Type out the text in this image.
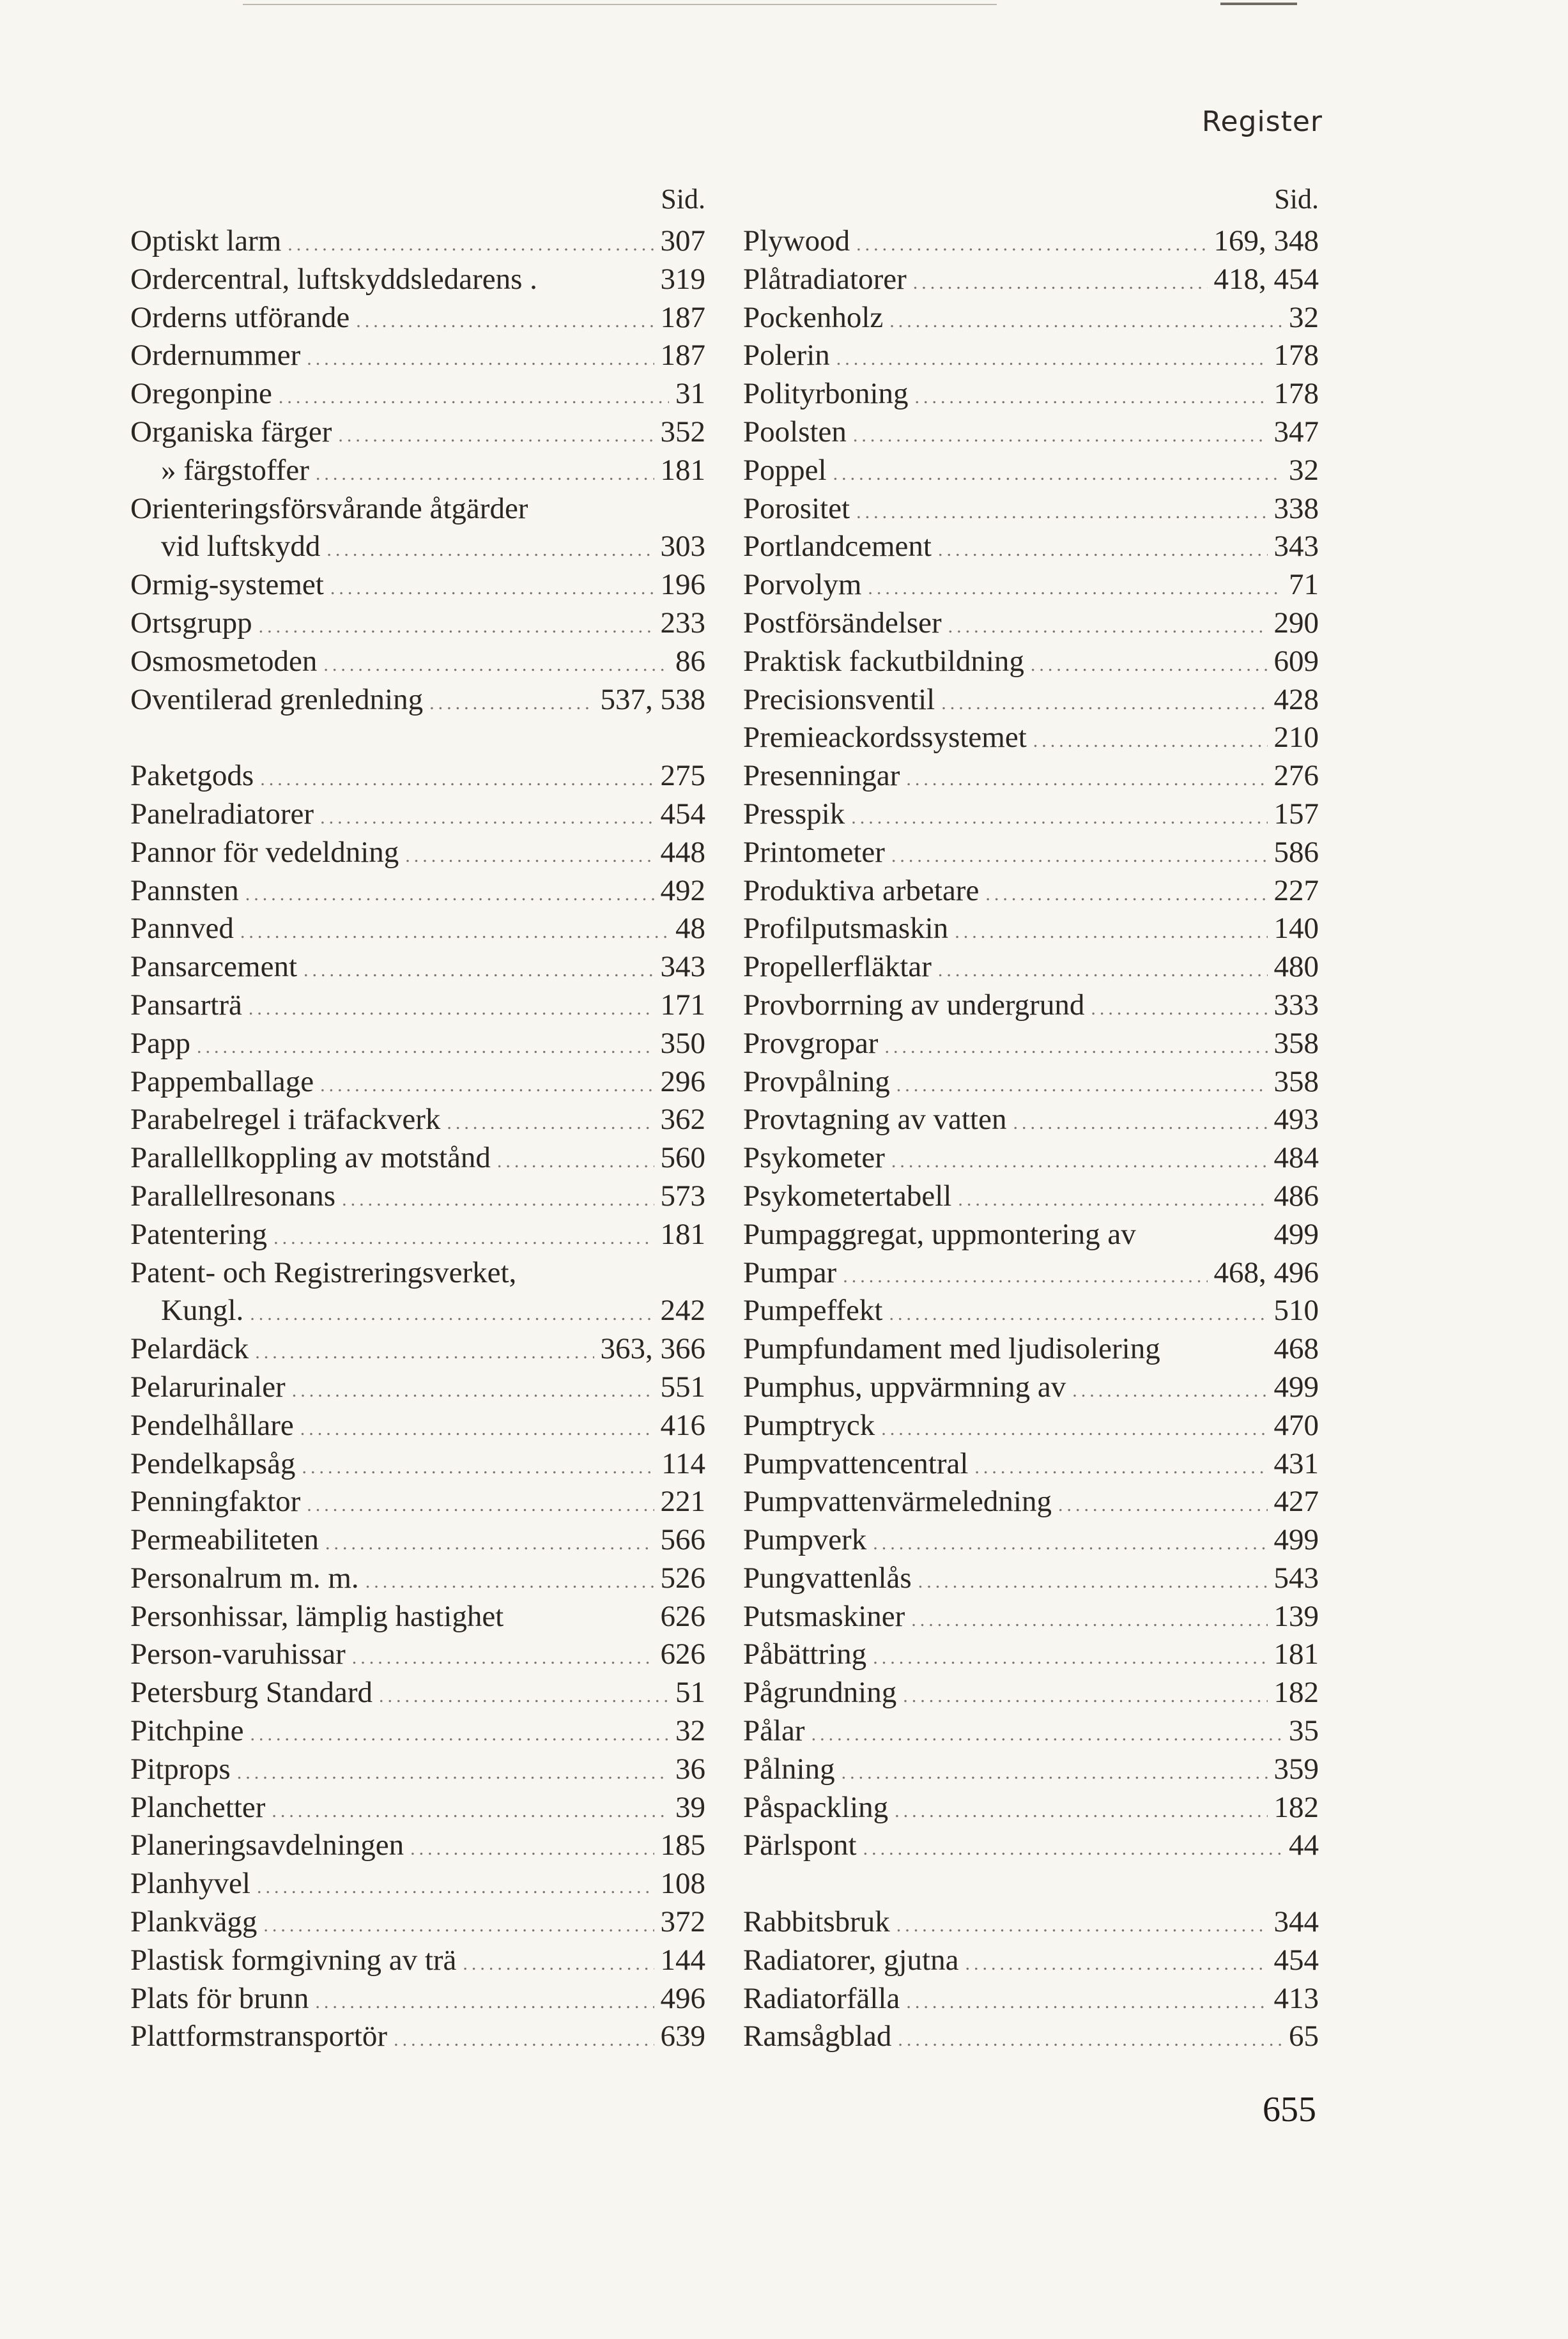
Register
Sid.
Optiskt larm .....	307
Ordercentral, luftskyddsledarens .	319
Orderns utförande .....	187
Ordernummer .....	187
Oregonpine .....	31
Organiska färger .....	352
» färgstoffer .....	181
Orienteringsförsvårande åtgärder
vid luftskydd .....	303
Ormig-systemet .....	196
Ortsgrupp .....	233
Osmosmetoden .....	86
Oventilerad grenledning .....	537, 538
Paketgods .....	275
Panelradiatorer .....	454
Pannor för vedeldning .....	448
Pannsten .....	492
Pannved .....	48
Pansarcement .....	343
Pansarträ .....	171
Papp .....	350
Pappemballage .....	296
Parabelregel i träfackverk .....	362
Parallellkoppling av motstånd .....	560
Parallellresonans .....	573
Patentering .....	181
Patent- och Registreringsverket,
Kungl. .....	242
Pelardäck .....	363, 366
Pelarurinaler .....	551
Pendelhållare .....	416
Pendelkapsåg .....	114
Penningfaktor .....	221
Permeabiliteten .....	566
Personalrum m. m. .....	526
Personhissar, lämplig hastighet	626
Person-varuhissar .....	626
Petersburg Standard .....	51
Pitchpine .....	32
Pitprops .....	36
Planchetter .....	39
Planeringsavdelningen .....	185
Planhyvel .....	108
Plankvägg .....	372
Plastisk formgivning av trä .....	144
Plats för brunn .....	496
Plattformstransportör .....	639
Sid.
Plywood .....	169, 348
Plåtradiatorer .....	418, 454
Pockenholz .....	32
Polerin .....	178
Polityrboning .....	178
Poolsten .....	347
Poppel .....	32
Porositet .....	338
Portlandcement .....	343
Porvolym .....	71
Postförsändelser .....	290
Praktisk fackutbildning .....	609
Precisionsventil .....	428
Premieackordssystemet .....	210
Presenningar .....	276
Presspik .....	157
Printometer .....	586
Produktiva arbetare .....	227
Profilputsmaskin .....	140
Propellerfläktar .....	480
Provborrning av undergrund .....	333
Provgropar .....	358
Provpålning .....	358
Provtagning av vatten .....	493
Psykometer .....	484
Psykometertabell .....	486
Pumpaggregat, uppmontering av	499
Pumpar .....	468, 496
Pumpeffekt .....	510
Pumpfundament med ljudisolering	468
Pumphus, uppvärmning av .....	499
Pumptryck .....	470
Pumpvattencentral .....	431
Pumpvattenvärmeledning .....	427
Pumpverk .....	499
Pungvattenlås .....	543
Putsmaskiner .....	139
Påbättring .....	181
Pågrundning .....	182
Pålar .....	35
Pålning .....	359
Påspackling .....	182
Pärlspont .....	44
Rabbitsbruk .....	344
Radiatorer, gjutna .....	454
Radiatorfälla .....	413
Ramsågblad .....	65
655
